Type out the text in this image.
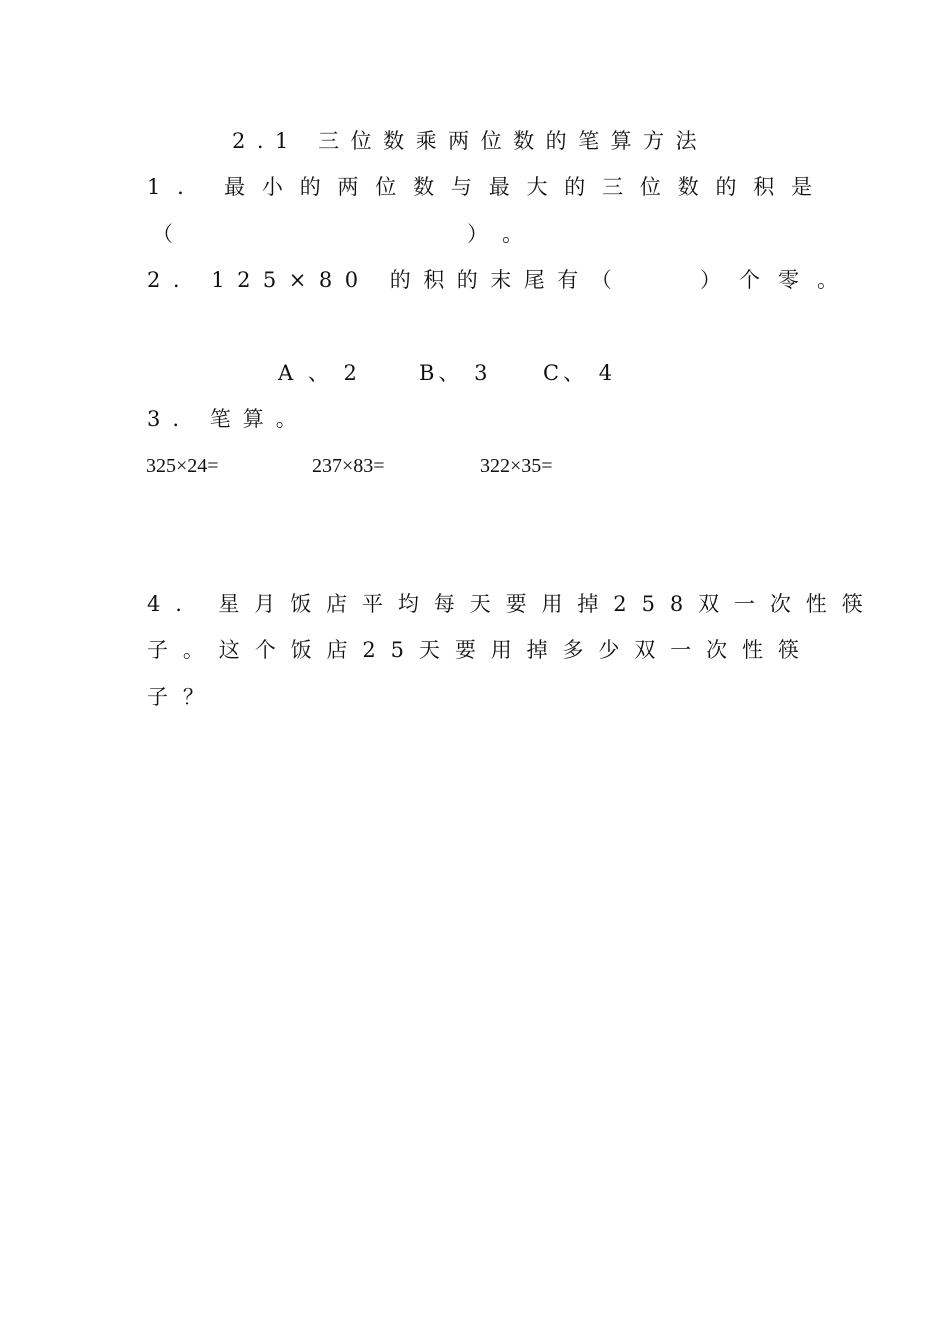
2.1 三位数乘两位数的笔算方法
1. 最小的两位数与最大的三位数的积是
（	） 。
2. 125×80 的积的末尾有（	）个零。
A 、 2	B、 3 C、 4
3. 笔算。
325×24=	237×83=	322×35=
4. 星月饭店平均每天要用掉258双一次性筷
子。这个饭店25天要用掉多少双一次性筷
子？
